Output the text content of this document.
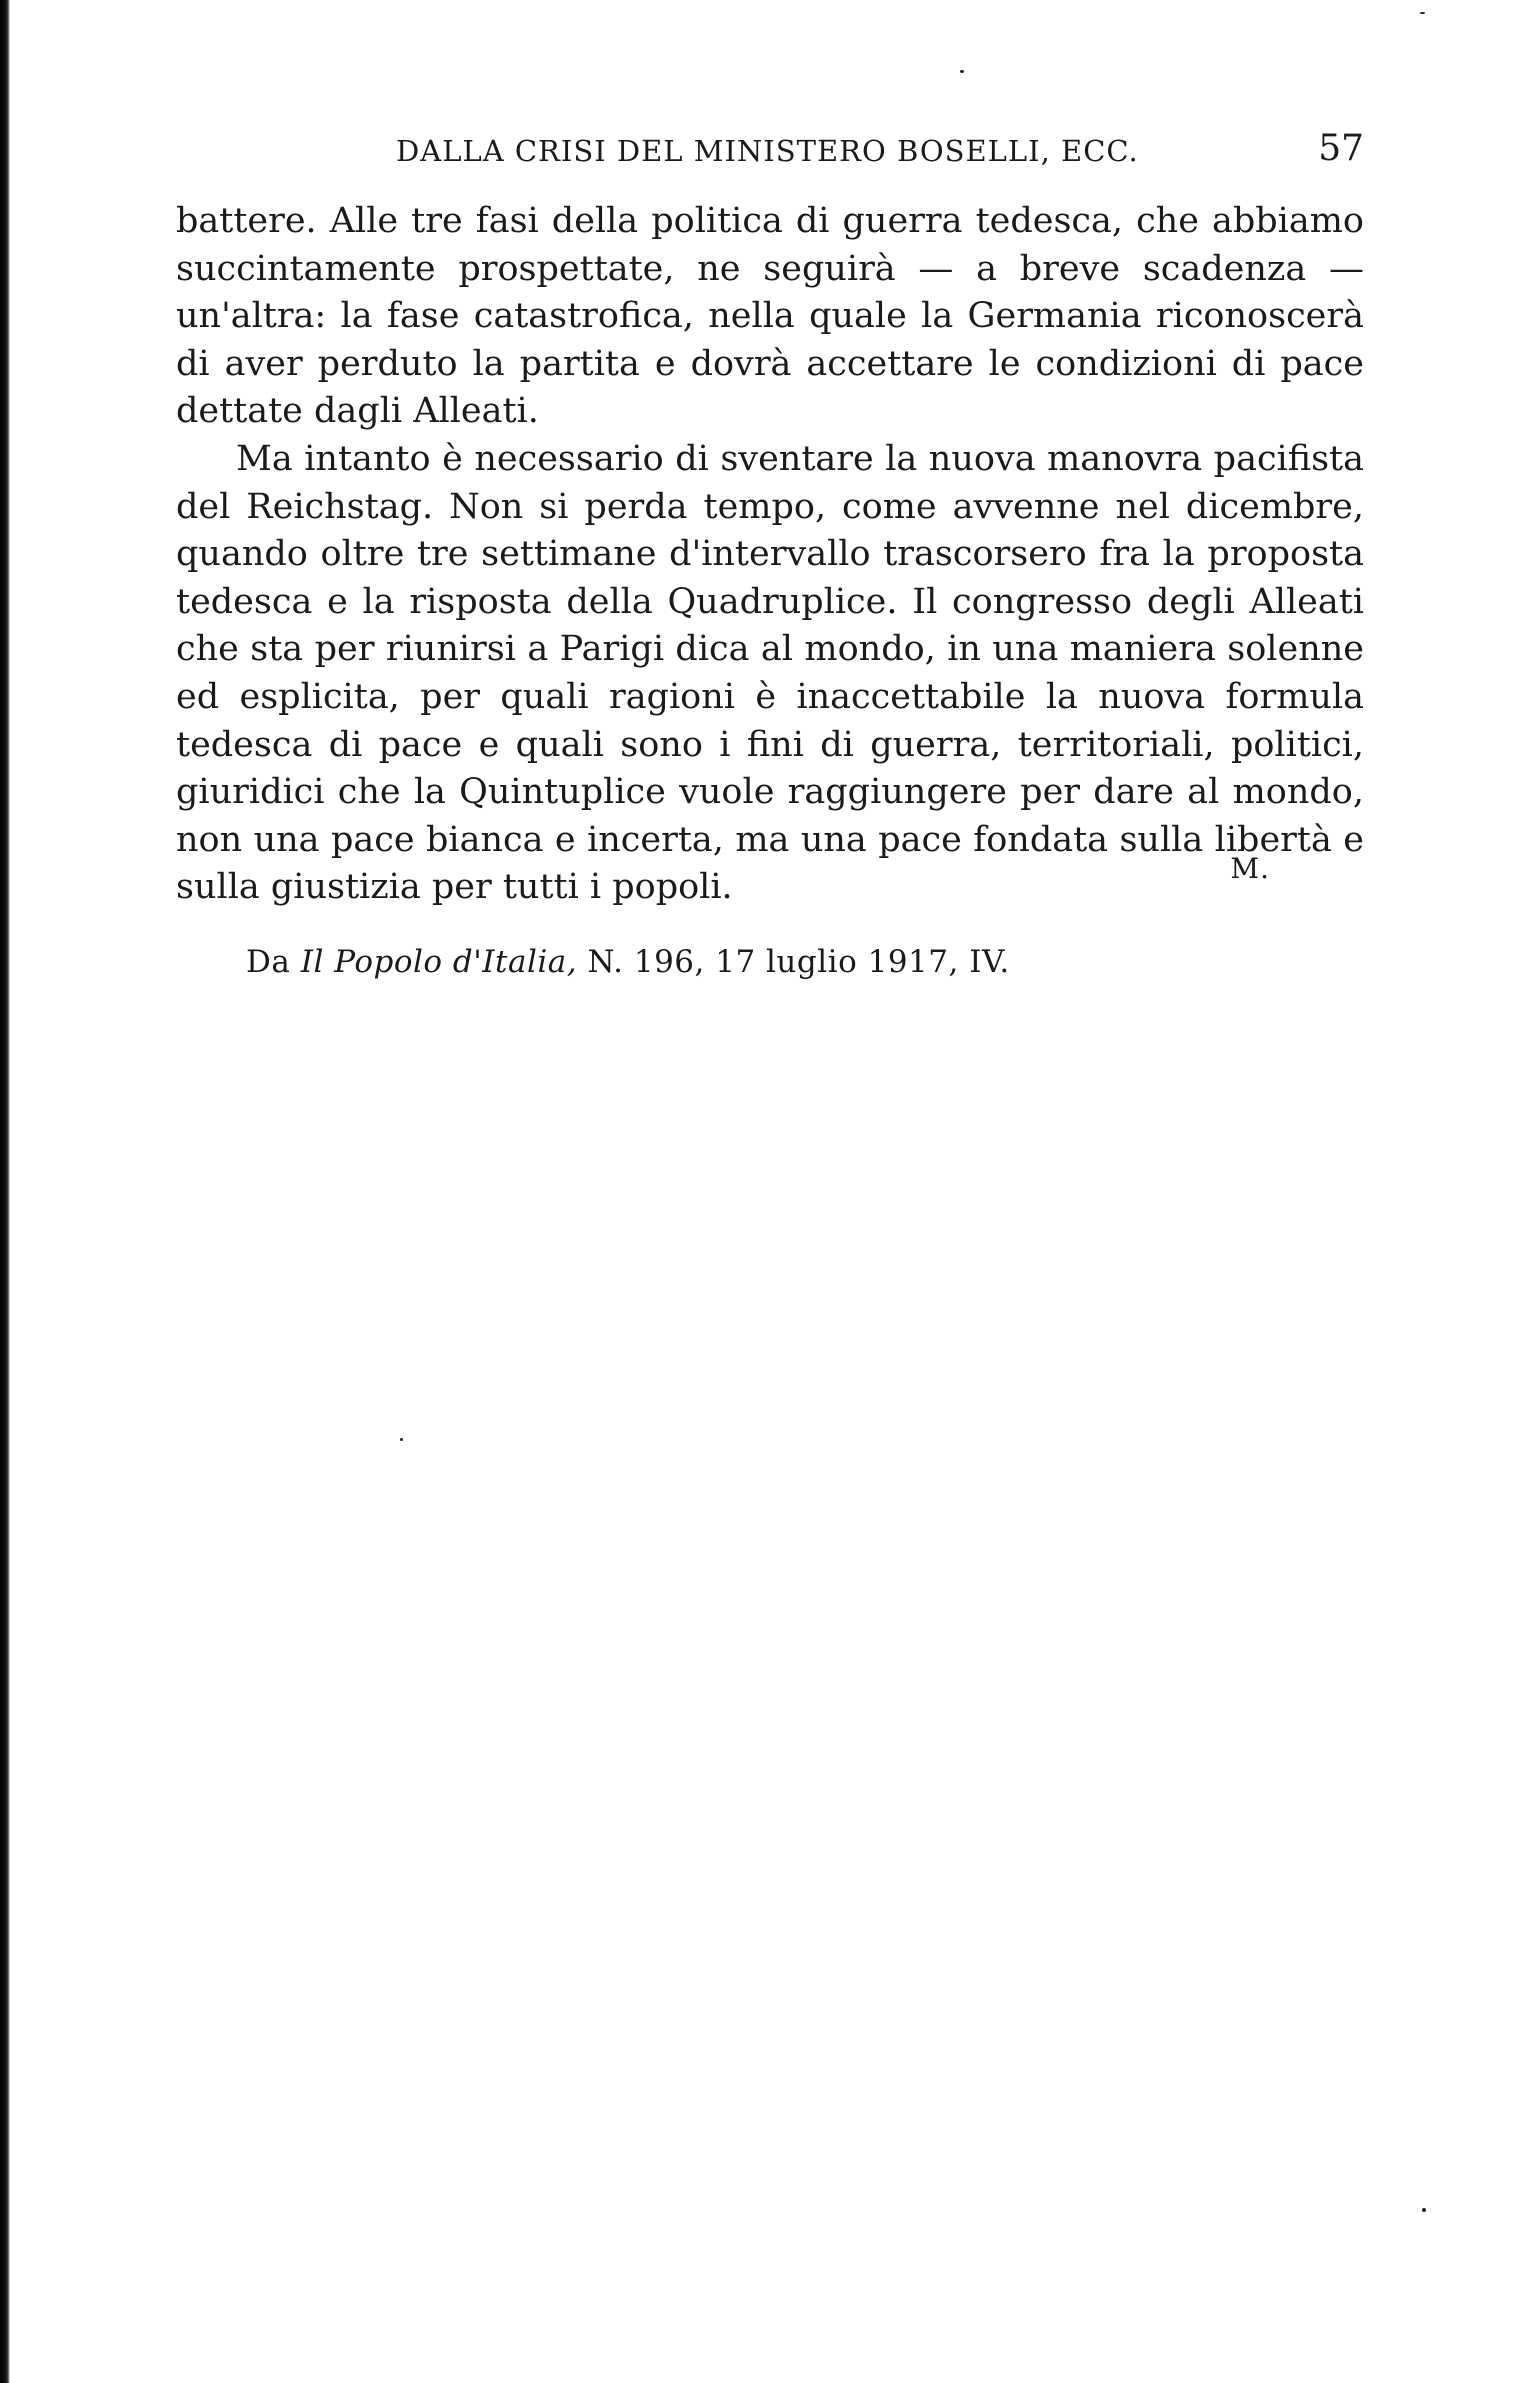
DALLA CRISI DEL MINISTERO BOSELLI, ECC.	57

battere. Alle tre fasi della politica di guerra tedesca, che abbiamo succintamente prospettate, ne seguirà — a breve scadenza — un'altra: la fase catastrofica, nella quale la Germania riconoscerà di aver perduto la partita e dovrà accettare le condizioni di pace dettate dagli Alleati.

Ma intanto è necessario di sventare la nuova manovra pacifista del Reichstag. Non si perda tempo, come avvenne nel dicembre, quando oltre tre settimane d'intervallo trascorsero fra la proposta tedesca e la risposta della Quadruplice. Il congresso degli Alleati che sta per riunirsi a Parigi dica al mondo, in una maniera solenne ed esplicita, per quali ragioni è inaccettabile la nuova formula tedesca di pace e quali sono i fini di guerra, territoriali, politici, giuridici che la Quintuplice vuole raggiungere per dare al mondo, non una pace bianca e incerta, ma una pace fondata sulla libertà e sulla giustizia per tutti i popoli.	M.
Da Il Popolo d'Italia, N. 196, 17 luglio 1917, IV.
